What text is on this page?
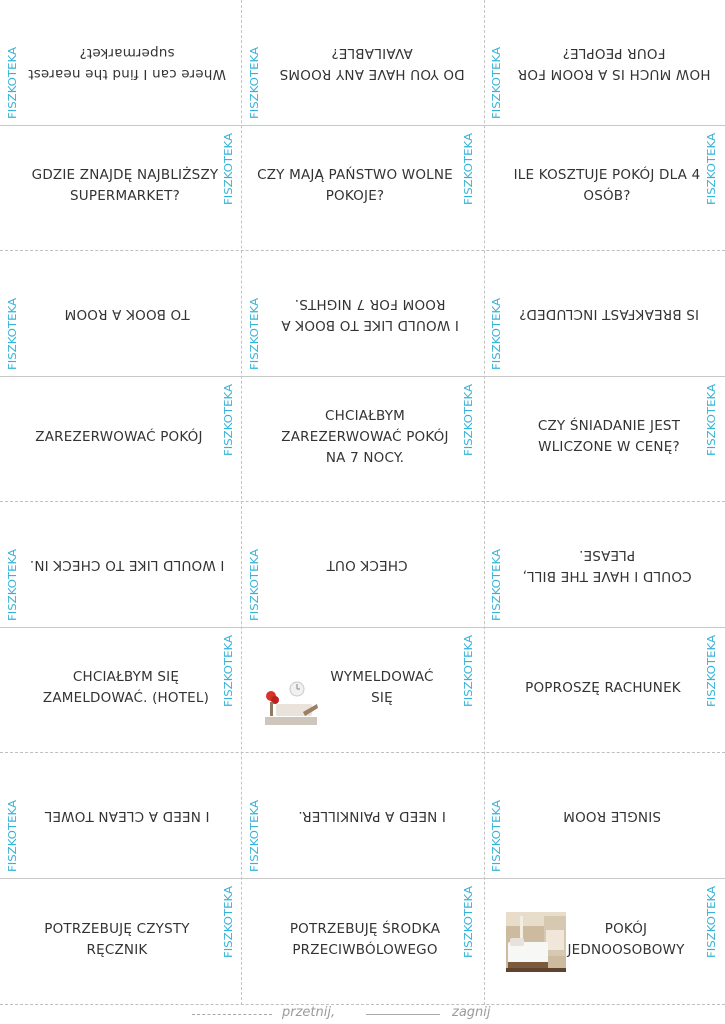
FISZKOTEKA Where can I find the nearest supermarket?
FISZKOTEKA	DO YOU HAVE ANY ROOMS AVAILABLE?
FISZKOTEKA	HOW MUCH IS A ROOM FOR FOUR PEOPLE?
FISZKOTEKA
GDZIE ZNAJDĘ NAJBLIŻSZY SUPERMARKET?	FISZKOTEKA
CZY MAJĄ PAŃSTWO WOLNE POKOJE?	FISZKOTEKA
ILE KOSZTUJE POKÓJ DLA 4 OSÓB?
FISZKOTEKA	TO BOOK A ROOM	FISZKOTEKA	I WOULD LIKE TO BOOK A ROOM FOR 7 NIGHTS.
FISZKOTEKA IS BREAKFAST INCLUDED?
FISZKOTEKA
ZAREZERWOWAĆ POKÓJ	FISZKOTEKA
CHCIAŁBYM ZAREZERWOWAĆ POKÓJ NA 7 NOCY.
FISZKOTEKA
CZY ŚNIADANIE JEST WLICZONE W CENĘ?
FISZKOTEKA I WOULD LIKE TO CHECK IN. FISZKOTEKA	CHECK OUT	FISZKOTEKA	COULD I HAVE THE BILL, PLEASE.
FISZKOTEKA
CHCIAŁBYM SIĘ ZAMELDOWAĆ. (HOTEL)	FISZKOTEKA
WYMELDOWAĆ SIĘ	FISZKOTEKA
POPROSZĘ RACHUNEK
FISZKOTEKA I NEED A CLEAN TOWEL	FISZKOTEKA	I NEED A PAINKILLER.	FISZKOTEKA	SINGLE ROOM
FISZKOTEKA
POTRZEBUJĘ CZYSTY RĘCZNIK	FISZKOTEKA
POTRZEBUJĘ ŚRODKA PRZECIWBÓLOWEGO	FISZKOTEKA
POKÓJ JEDNOOSOBOWY
przetnij,	zagnij
